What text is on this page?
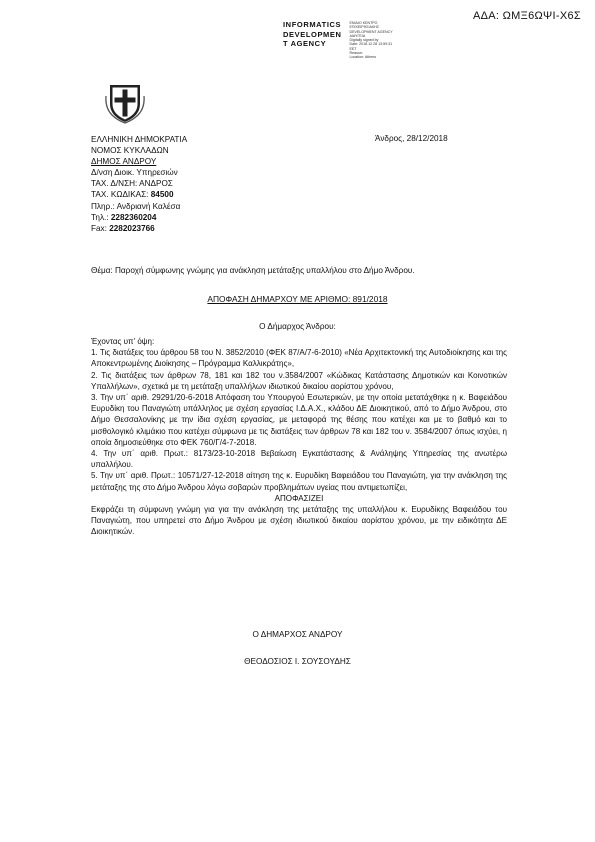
ΑΔΑ: ΩΜΞ6ΩΨΙ-Χ6Σ
INFORMATICS
DEVELOPMEN
T AGENCY
ΕΝΙΑΙΟ ΚΕΝΤΡΟ
ΕΠΙΧΕΙΡΗΣΙΑΚΗΣ
DEVELOPMENT AGENCY
ΔΙΑΥΓΕΙΑ
Digitally signed by
Date: 2018.12.28 13:59:31
EET
Reason:
Location: Athens
ΕΛΛΗΝΙΚΗ ΔΗΜΟΚΡΑΤΙΑ
ΝΟΜΟΣ ΚΥΚΛΑΔΩΝ
ΔΗΜΟΣ ΑΝΔΡΟΥ
Δ/νση Διοικ. Υπηρεσιών
ΤΑΧ. Δ/ΝΣΗ: ΑΝΔΡΟΣ
ΤΑΧ. ΚΩΔΙΚΑΣ: 84500
Πληρ.: Ανδριανή Καλέσα
Τηλ.: 2282360204
Fax: 2282023766
Άνδρος, 28/12/2018
Θέμα: Παροχή σύμφωνης γνώμης για ανάκληση μετάταξης υπαλλήλου στο Δήμο Άνδρου.
ΑΠΟΦΑΣΗ ΔΗΜΑΡΧΟΥ ΜΕ ΑΡΙΘΜΟ: 891/2018
Ο Δήμαρχος Άνδρου:

Έχοντας υπ’ όψη:

1. Τις διατάξεις του άρθρου 58 του Ν. 3852/2010 (ΦΕΚ 87/Α/7-6-2010) «Νέα Αρχιτεκτονική της Αυτοδιοίκησης και της Αποκεντρωμένης Διοίκησης – Πρόγραμμα Καλλικράτης»,

2. Τις διατάξεις των άρθρων 78, 181 και 182 του ν.3584/2007 «Κώδικας Κατάστασης Δημοτικών και Κοινοτικών Υπαλλήλων», σχετικά με τη μετάταξη υπαλλήλων ιδιωτικού δικαίου αορίστου χρόνου,

3. Την υπ΄ αριθ. 29291/20-6-2018 Απόφαση του Υπουργού Εσωτερικών, με την οποία μετατάχθηκε η κ. Βαφειάδου Ευρυδίκη του Παναγιώτη υπάλληλος με σχέση εργασίας Ι.Δ.Α.Χ., κλάδου ΔΕ Διοικητικού, από το Δήμο Άνδρου, στο Δήμο Θεσσαλονίκης με την ίδια σχέση εργασίας, με μεταφορά της θέσης που κατέχει και με το βαθμό και το μισθολογικό κλιμάκιο που κατέχει σύμφωνα με τις διατάξεις των άρθρων 78 και 182 του ν. 3584/2007 όπως ισχύει, η οποία δημοσιεύθηκε στο ΦΕΚ 760/Γ/4-7-2018.

4. Την υπ΄ αριθ. Πρωτ.: 8173/23-10-2018 Βεβαίωση Εγκατάστασης & Ανάληψης Υπηρεσίας της ανωτέρω υπαλλήλου.

5. Την υπ΄ αριθ. Πρωτ.: 10571/27-12-2018 αίτηση της κ. Ευρυδίκη Βαφειάδου του Παναγιώτη, για την ανάκληση της μετάταξης της στο Δήμο Άνδρου λόγω σοβαρών προβλημάτων υγείας που αντιμετωπίζει,

ΑΠΟΦΑΣΙΖΕΙ

Εκφράζει τη σύμφωνη γνώμη για για την ανάκληση της μετάταξης της υπαλλήλου κ. Ευρυδίκης Βαφειάδου του Παναγιώτη, που υπηρετεί στο Δήμο Άνδρου με σχέση ιδιωτικού δικαίου αορίστου χρόνου, με την ειδικότητα ΔΕ Διοικητικών.

Ο ΔΗΜΑΡΧΟΣ ΑΝΔΡΟΥ
ΘΕΟΔΟΣΙΟΣ Ι. ΣΟΥΣΟΥΔΗΣ
